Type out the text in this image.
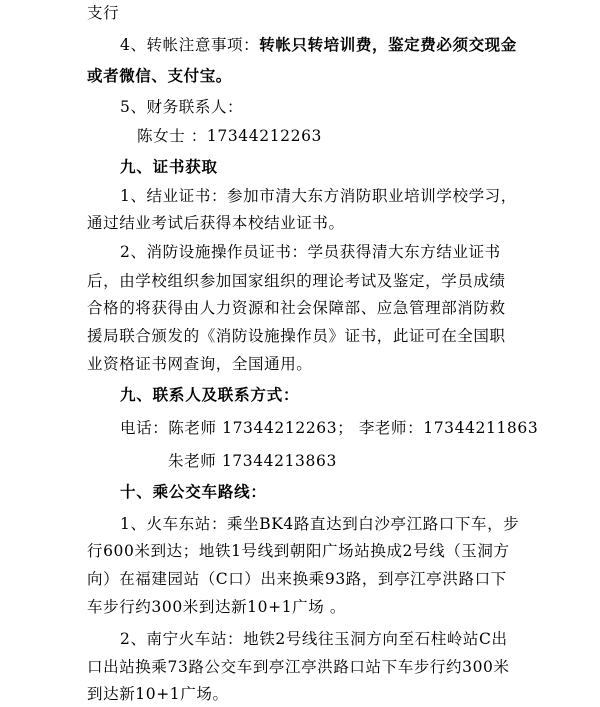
支行
4、转帐注意事项：转帐只转培训费，鉴定费必须交现金
或者微信、支付宝。
5、财务联系人：
陈女士 ：17344212263
九、证书获取
1、结业证书：参加市清大东方消防职业培训学校学习，
通过结业考试后获得本校结业证书。
2、消防设施操作员证书：学员获得清大东方结业证书
后，由学校组织参加国家组织的理论考试及鉴定，学员成绩
合格的将获得由人力资源和社会保障部、应急管理部消防救
援局联合颁发的《消防设施操作员》证书，此证可在全国职
业资格证书网查询，全国通用。
九、联系人及联系方式：
电话：陈老师 17344212263； 李老师：17344211863
朱老师 17344213863
十、乘公交车路线：
1、火车东站：乘坐BK4路直达到白沙亭江路口下车，步
行600米到达；地铁1号线到朝阳广场站换成2号线（玉洞方
向）在福建园站（C口）出来换乘93路，到亭江亭洪路口下
车步行约300米到达新10+1广场 。
2、南宁火车站：地铁2号线往玉洞方向至石柱岭站C出
口出站换乘73路公交车到亭江亭洪路口站下车步行约300米
到达新10+1广场。
